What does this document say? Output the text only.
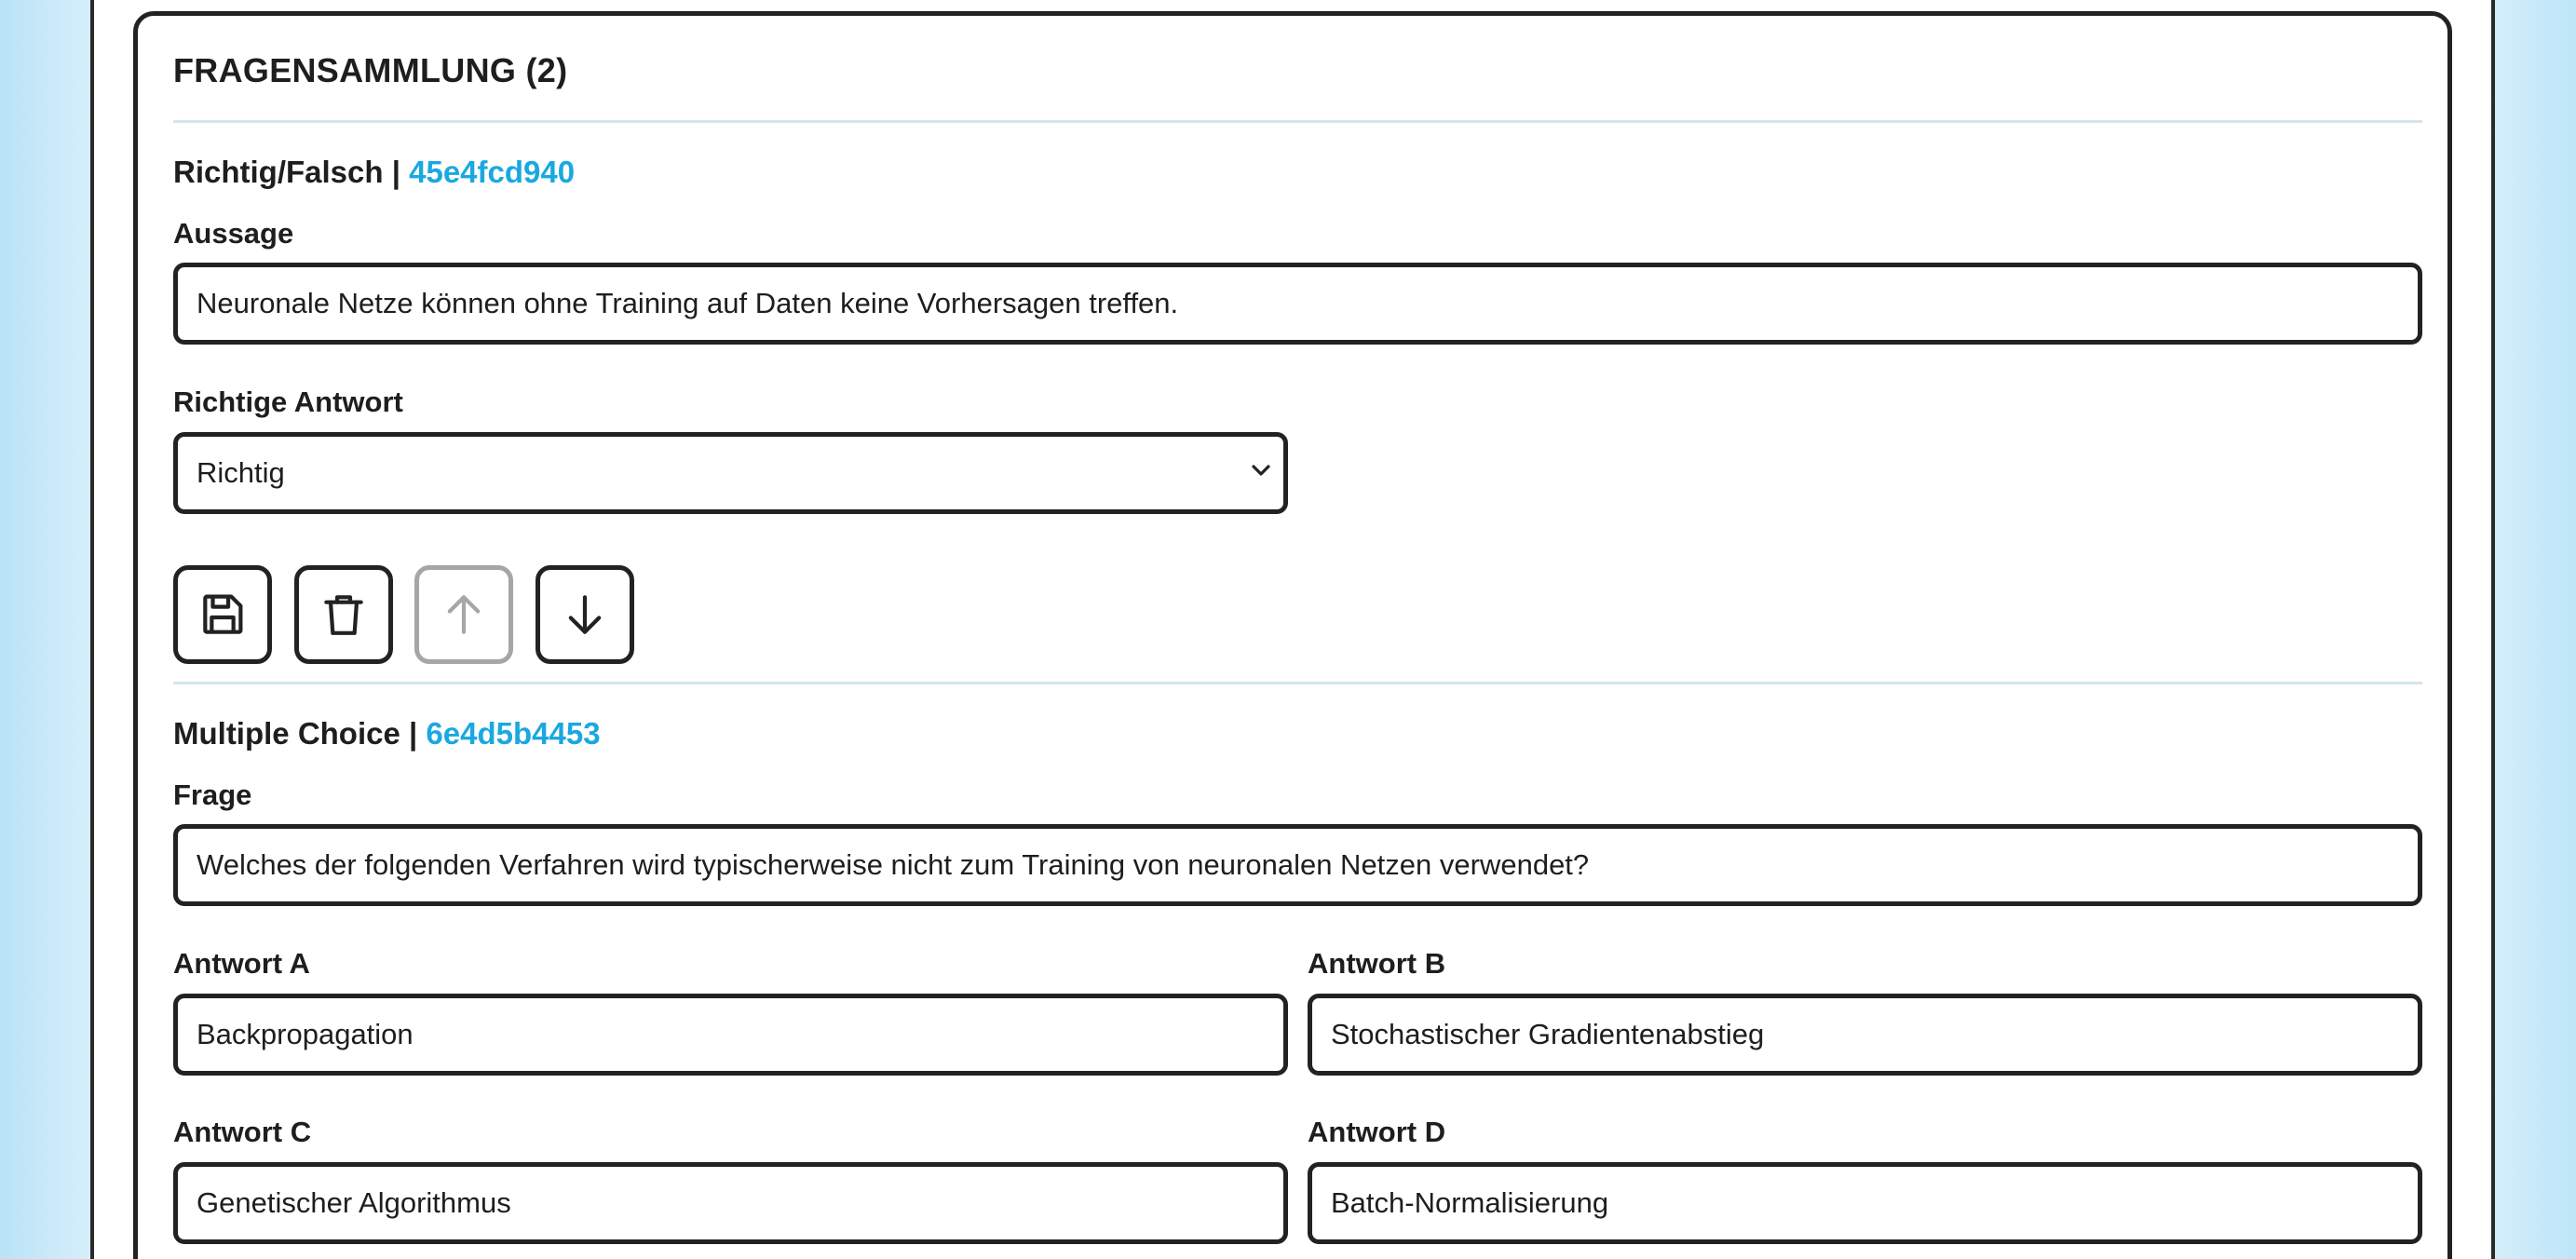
FRAGENSAMMLUNG (2)
Richtig/Falsch | 45e4fcd940
Aussage
Neuronale Netze können ohne Training auf Daten keine Vorhersagen treffen.
Richtige Antwort
Richtig
Multiple Choice | 6e4d5b4453
Frage
Welches der folgenden Verfahren wird typischerweise nicht zum Training von neuronalen Netzen verwendet?
Antwort A
Backpropagation
Antwort B
Stochastischer Gradientenabstieg
Antwort C
Genetischer Algorithmus
Antwort D
Batch-Normalisierung
